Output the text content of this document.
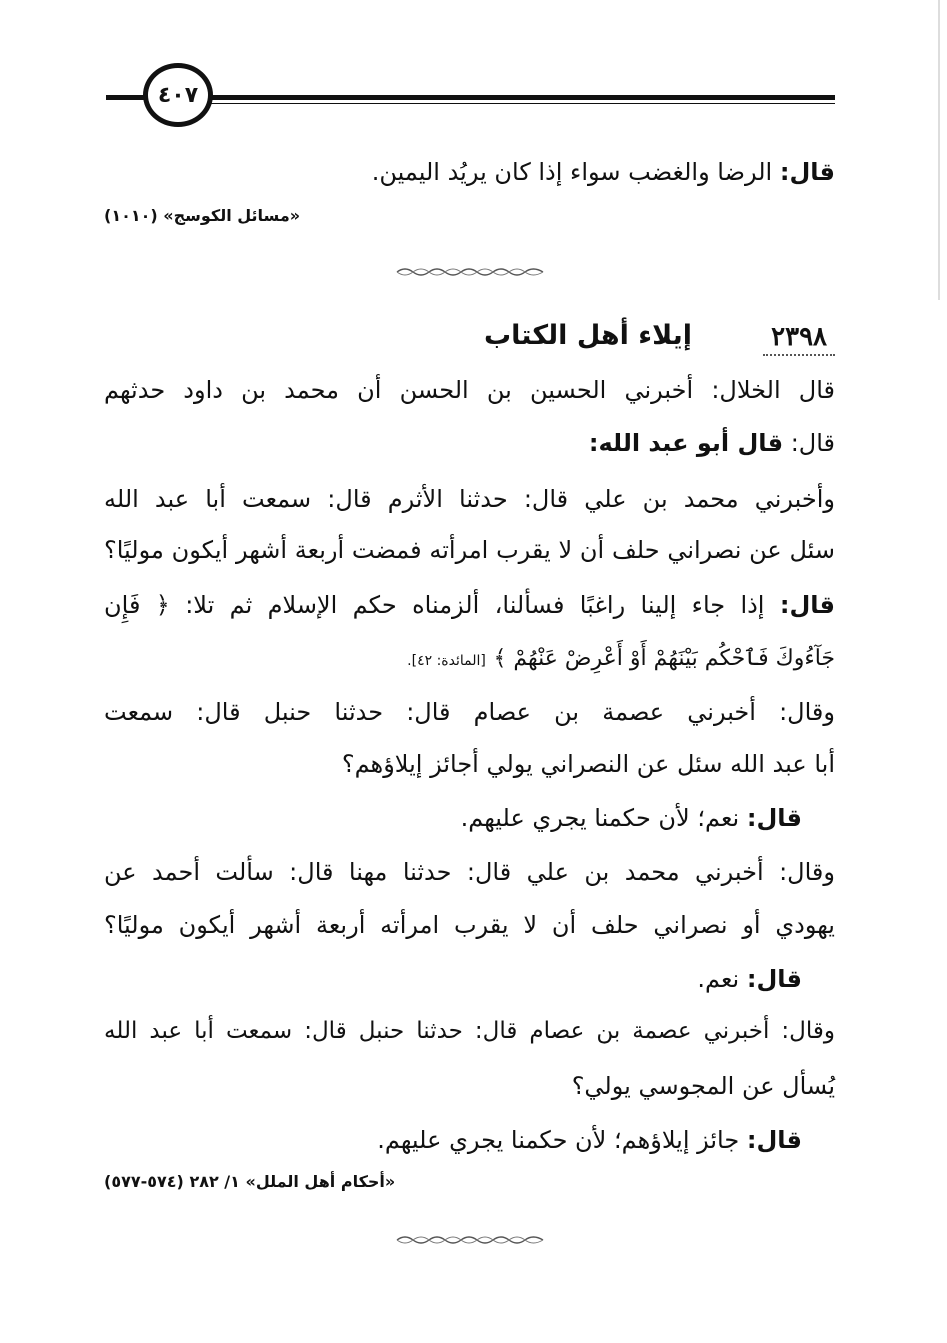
٤٠٧
قال: الرضا والغضب سواء إذا كان يريُد اليمين.
«مسائل الكوسج» (١٠١٠)
٢٣٩٨
إيلاء أهل الكتاب
قال الخلال: أخبرني الحسين بن الحسن أن محمد بن داود حدثهم
قال: قال أبو عبد الله:
وأخبرني محمد بن علي قال: حدثنا الأثرم قال: سمعت أبا عبد الله
سئل عن نصراني حلف أن لا يقرب امرأته فمضت أربعة أشهر أيكون موليًا؟
قال: إذا جاء إلينا راغبًا فسألنا، ألزمناه حكم الإسلام ثم تلا: ﴿ فَإِن
جَآءُوكَ فَٱحْكُم بَيْنَهُمْ أَوْ أَعْرِضْ عَنْهُمْ ﴾ [المائدة: ٤٢].
وقال: أخبرني عصمة بن عصام قال: حدثنا حنبل قال: سمعت
أبا عبد الله سئل عن النصراني يولي أجائز إيلاؤهم؟
قال: نعم؛ لأن حكمنا يجري عليهم.
وقال: أخبرني محمد بن علي قال: حدثنا مهنا قال: سألت أحمد عن
يهودي أو نصراني حلف أن لا يقرب امرأته أربعة أشهر أيكون موليًا؟
قال: نعم.
وقال: أخبرني عصمة بن عصام قال: حدثنا حنبل قال: سمعت أبا عبد الله
يُسأل عن المجوسي يولي؟
قال: جائز إيلاؤهم؛ لأن حكمنا يجري عليهم.
«أحكام أهل الملل» ١/ ٢٨٢ (٥٧٤-٥٧٧)
